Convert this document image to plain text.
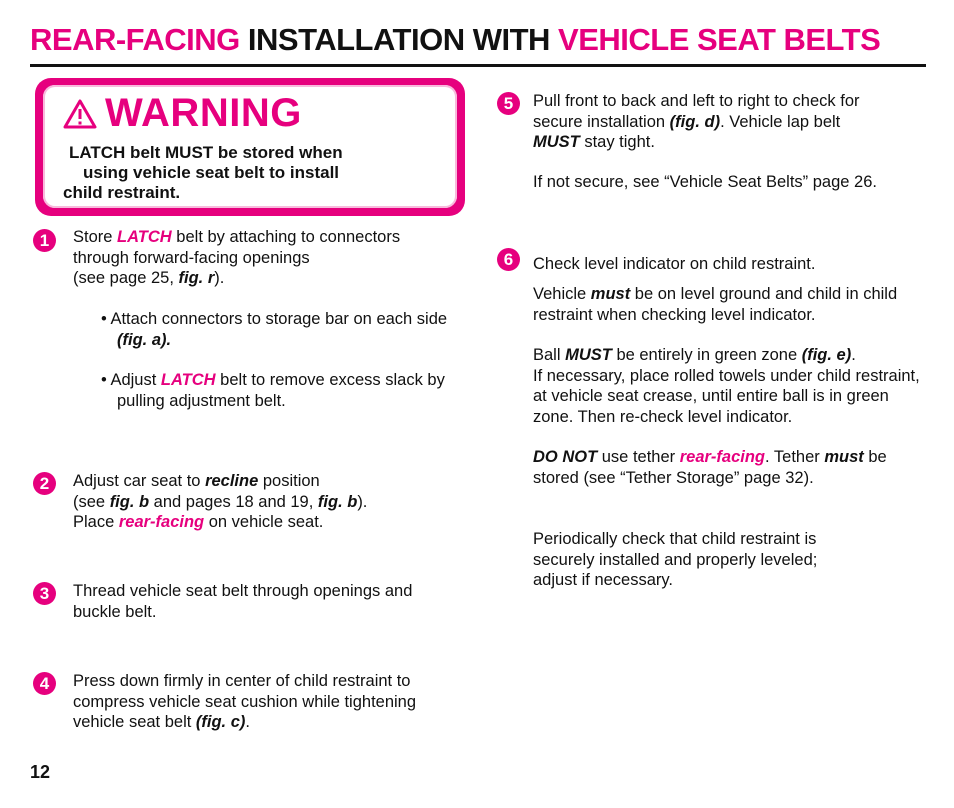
REAR-FACING INSTALLATION WITH VEHICLE SEAT BELTS
WARNING
LATCH belt MUST be stored when
using vehicle seat belt to install
child restraint.
1	Store LATCH belt by attaching to connectors

through forward-facing openings

(see page 25, fig. r).

• Attach connectors to storage bar on each side (fig. a).
• Adjust LATCH belt to remove excess slack by pulling adjustment belt.
2	Adjust car seat to recline position

(see fig. b and pages 18 and 19, fig. b).

Place rear-facing on vehicle seat.

3	Thread vehicle seat belt through openings and buckle belt.
4	Press down firmly in center of child restraint to compress vehicle seat cushion while tightening vehicle seat belt (fig. c).
5	Pull front to back and left to right to check for

secure installation (fig. d). Vehicle lap belt

MUST stay tight.

If not secure, see “Vehicle Seat Belts” page 26.
6	Check level indicator on child restraint.
Vehicle must be on level ground and child in child restraint when checking level indicator.

Ball MUST be entirely in green zone (fig. e).

If necessary, place rolled towels under child restraint, at vehicle seat crease, until entire ball is in green zone. Then re-check level indicator.

DO NOT use tether rear-facing. Tether must be stored (see “Tether Storage” page 32).
Periodically check that child restraint is securely installed and properly leveled; adjust if necessary.
12
